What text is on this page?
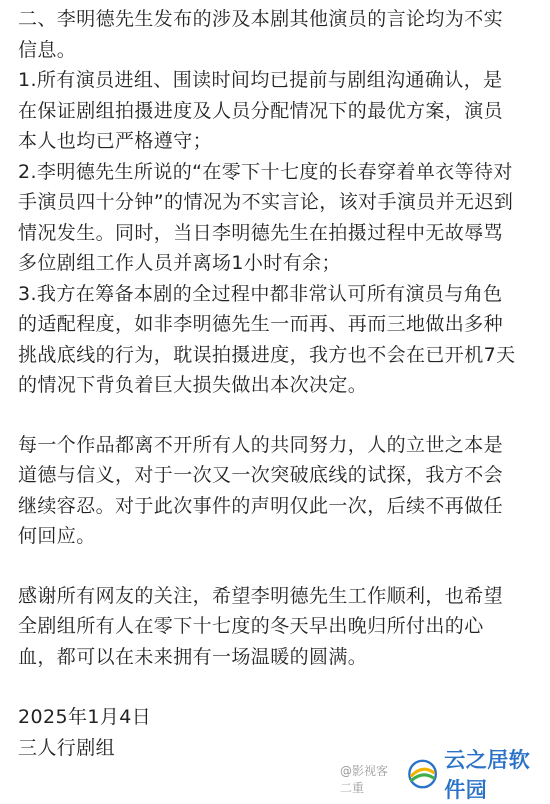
二、李明德先生发布的涉及本剧其他演员的言论均为不实
信息。
1.所有演员进组、围读时间均已提前与剧组沟通确认，是
在保证剧组拍摄进度及人员分配情况下的最优方案，演员
本人也均已严格遵守；
2.李明德先生所说的“在零下十七度的长春穿着单衣等待对
手演员四十分钟”的情况为不实言论，该对手演员并无迟到
情况发生。同时，当日李明德先生在拍摄过程中无故辱骂
多位剧组工作人员并离场1小时有余；
3.我方在筹备本剧的全过程中都非常认可所有演员与角色
的适配程度，如非李明德先生一而再、再而三地做出多种
挑战底线的行为，耽误拍摄进度，我方也不会在已开机7天
的情况下背负着巨大损失做出本次决定。
每一个作品都离不开所有人的共同努力，人的立世之本是
道德与信义，对于一次又一次突破底线的试探，我方不会
继续容忍。对于此次事件的声明仅此一次，后续不再做任
何回应。
感谢所有网友的关注，希望李明德先生工作顺利，也希望
全剧组所有人在零下十七度的冬天早出晚归所付出的心
血，都可以在未来拥有一场温暖的圆满。
2025年1月4日
三人行剧组
@影视客二重
云之居软件园
